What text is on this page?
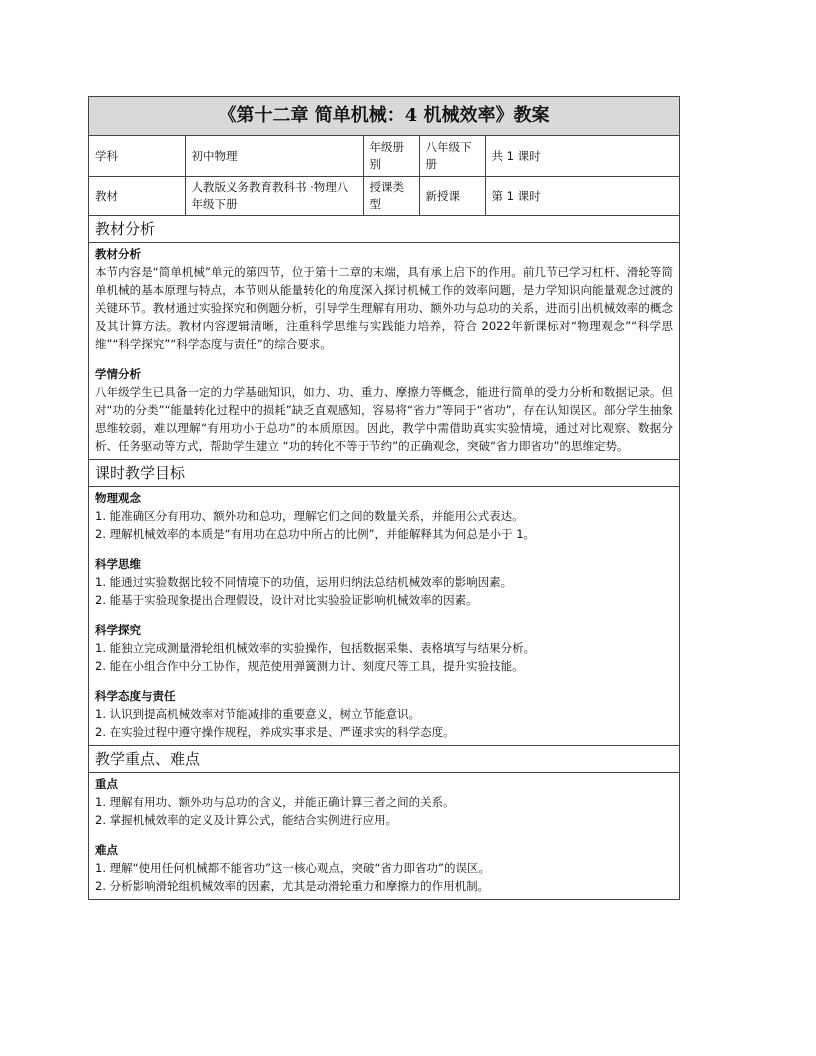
《第十二章 简单机械：4 机械效率》教案
学科	初中物理	年级册别	八年级下册	共 1 课时
教材	人教版义务教育教科书 ·物理八年级下册	授课类型	新授课	第 1 课时
教材分析
教材分析
本节内容是“简单机械”单元的第四节，位于第十二章的末端，具有承上启下的作用。前几节已学习杠杆、滑轮等简单机械的基本原理与特点，本节则从能量转化的角度深入探讨机械工作的效率问题，是力学知识向能量观念过渡的关键环节。教材通过实验探究和例题分析，引导学生理解有用功、额外功与总功的关系，进而引出机械效率的概念及其计算方法。教材内容逻辑清晰，注重科学思维与实践能力培养，符合 2022年新课标对“物理观念”“科学思维”“科学探究”“科学态度与责任”的综合要求。
学情分析
八年级学生已具备一定的力学基础知识，如力、功、重力、摩擦力等概念，能进行简单的受力分析和数据记录。但对“功的分类”“能量转化过程中的损耗”缺乏直观感知，容易将“省力”等同于“省功”，存在认知误区。部分学生抽象思维较弱，难以理解“有用功小于总功”的本质原因。因此，教学中需借助真实实验情境，通过对比观察、数据分析、任务驱动等方式，帮助学生建立 “功的转化不等于节约”的正确观念，突破“省力即省功”的思维定势。
课时教学目标
物理观念
1. 能准确区分有用功、额外功和总功，理解它们之间的数量关系，并能用公式表达。
2. 理解机械效率的本质是“有用功在总功中所占的比例”，并能解释其为何总是小于 1。
科学思维
1. 能通过实验数据比较不同情境下的功值，运用归纳法总结机械效率的影响因素。
2. 能基于实验现象提出合理假设，设计对比实验验证影响机械效率的因素。
科学探究
1. 能独立完成测量滑轮组机械效率的实验操作，包括数据采集、表格填写与结果分析。
2. 能在小组合作中分工协作，规范使用弹簧测力计、刻度尺等工具，提升实验技能。
科学态度与责任
1. 认识到提高机械效率对节能减排的重要意义，树立节能意识。
2. 在实验过程中遵守操作规程，养成实事求是、严谨求实的科学态度。
教学重点、难点
重点
1. 理解有用功、额外功与总功的含义，并能正确计算三者之间的关系。
2. 掌握机械效率的定义及计算公式，能结合实例进行应用。
难点
1. 理解“使用任何机械都不能省功”这一核心观点，突破“省力即省功”的误区。
2. 分析影响滑轮组机械效率的因素，尤其是动滑轮重力和摩擦力的作用机制。
